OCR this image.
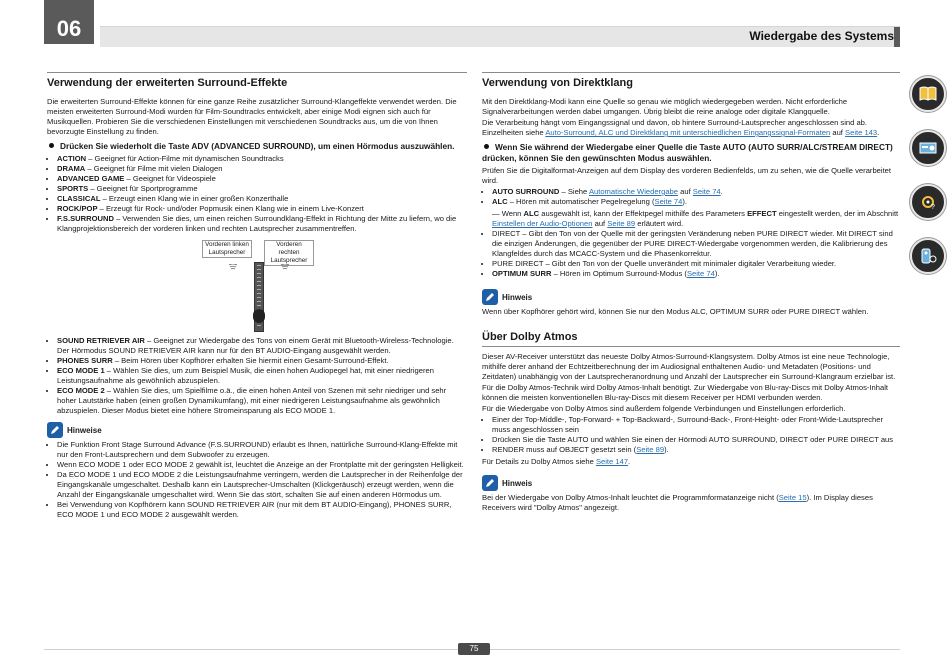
06	Wiedergabe des Systems
Verwendung der erweiterten Surround-Effekte

Die erweiterten Surround-Effekte können für eine ganze Reihe zusätzlicher Surround-Klangeffekte verwendet werden. Die meisten erweiterten Surround-Modi wurden für Film-Soundtracks entwickelt, aber einige Modi eignen sich auch für Musikquellen. Probieren Sie die verschiedenen Einstellungen mit verschiedenen Soundtracks aus, um die von Ihnen bevorzugte Einstellung zu finden.

Drücken Sie wiederholt die Taste ADV (ADVANCED SURROUND), um einen Hörmodus auszuwählen.
• ACTION – Geeignet für Action-Filme mit dynamischen Soundtracks
• DRAMA – Geeignet für Filme mit vielen Dialogen
• ADVANCED GAME – Geeignet für Videospiele
• SPORTS – Geeignet für Sportprogramme
• CLASSICAL – Erzeugt einen Klang wie in einer großen Konzerthalle
• ROCK/POP – Erzeugt für Rock- und/oder Popmusik einen Klang wie in einem Live-Konzert
• F.S.SURROUND – Verwenden Sie dies, um einen reichen Surroundklang-Effekt in Richtung der Mitte zu liefern, wo die Klangprojektionsbereich der vorderen linken und rechten Lautsprecher zusammentreffen.
Vorderen linken Lautsprecher
Vorderen rechten Lautsprecher
• SOUND RETRIEVER AIR – Geeignet zur Wiedergabe des Tons von einem Gerät mit Bluetooth-Wireless-Technologie. Der Hörmodus SOUND RETRIEVER AIR kann nur für den BT AUDIO-Eingang ausgewählt werden.
• PHONES SURR – Beim Hören über Kopfhörer erhalten Sie hiermit einen Gesamt-Surround-Effekt.
• ECO MODE 1 – Wählen Sie dies, um zum Beispiel Musik, die einen hohen Audiopegel hat, mit einer niedrigeren Leistungsaufnahme als gewöhnlich abzuspielen.
• ECO MODE 2 – Wählen Sie dies, um Spielfilme o.ä., die einen hohen Anteil von Szenen mit sehr niedriger und sehr hoher Lautstärke haben (einen großen Dynamikumfang), mit einer niedrigeren Leistungsaufnahme als gewöhnlich abzuspielen. Dieser Modus bietet eine höhere Stromeinsparung als ECO MODE 1.
Hinweise
• Die Funktion Front Stage Surround Advance (F.S.SURROUND) erlaubt es Ihnen, natürliche Surround-Klang-Effekte mit nur den Front-Lautsprechern und dem Subwoofer zu erzeugen.
• Wenn ECO MODE 1 oder ECO MODE 2 gewählt ist, leuchtet die Anzeige an der Frontplatte mit der geringsten Helligkeit.
• Da ECO MODE 1 und ECO MODE 2 die Leistungsaufnahme verringern, werden die Lautsprecher in der Reihenfolge der Eingangskanäle umgeschaltet. Deshalb kann ein Lautsprecher-Umschalten (Klickgeräusch) erzeugt werden, wenn die Anzahl der Eingangskanäle umgeschaltet wird. Wenn Sie das stört, schalten Sie auf einen anderen Hörmodus um.
• Bei Verwendung von Kopfhörern kann SOUND RETRIEVER AIR (nur mit dem BT AUDIO-Eingang), PHONES SURR, ECO MODE 1 und ECO MODE 2 ausgewählt werden.
Verwendung von Direktklang

Mit den Direktklang-Modi kann eine Quelle so genau wie möglich wiedergegeben werden. Nicht erforderliche Signalverarbeitungen werden dabei umgangen. Übrig bleibt die reine analoge oder digitale Klangquelle.

Die Verarbeitung hängt vom Eingangssignal und davon, ob hintere Surround-Lautsprecher angeschlossen sind ab. Einzelheiten siehe Auto-Surround, ALC und Direktklang mit unterschiedlichen Eingangssignal-Formaten auf Seite 143.

Wenn Sie während der Wiedergabe einer Quelle die Taste AUTO (AUTO SURR/ALC/STREAM DIRECT) drücken, können Sie den gewünschten Modus auswählen.

Prüfen Sie die Digitalformat-Anzeigen auf dem Display des vorderen Bedienfelds, um zu sehen, wie die Quelle verarbeitet wird.

• AUTO SURROUND – Siehe Automatische Wiedergabe auf Seite 74.
• ALC – Hören mit automatischer Pegelregelung (Seite 74).
— Wenn ALC ausgewählt ist, kann der Effektpegel mithilfe des Parameters EFFECT eingestellt werden, der im Abschnitt Einstellen der Audio-Optionen auf Seite 89 erläutert wird.
• DIRECT – Gibt den Ton von der Quelle mit der geringsten Veränderung neben PURE DIRECT wieder. Mit DIRECT sind die einzigen Änderungen, die gegenüber der PURE DIRECT-Wiedergabe vorgenommen werden, die Kalibrierung des Klangfeldes durch das MCACC-System und die Phasenkorrektur.
• PURE DIRECT – Gibt den Ton von der Quelle unverändert mit minimaler digitaler Verarbeitung wieder.
• OPTIMUM SURR – Hören im Optimum Surround-Modus (Seite 74).
Hinweis

Wenn über Kopfhörer gehört wird, können Sie nur den Modus ALC, OPTIMUM SURR oder PURE DIRECT wählen.

Über Dolby Atmos

Dieser AV-Receiver unterstützt das neueste Dolby Atmos-Surround-Klangsystem. Dolby Atmos ist eine neue Technologie, mithilfe derer anhand der Echtzeitberechnung der im Audiosignal enthaltenen Audio- und Metadaten (Positions- und Zeitdaten) unabhängig von der Lautsprecheranordnung und Anzahl der Lautsprecher ein Surround-Klangraum erzielbar ist.

Für die Dolby Atmos-Technik wird Dolby Atmos-Inhalt benötigt. Zur Wiedergabe von Blu-ray-Discs mit Dolby Atmos-Inhalt können die meisten konventionellen Blu-ray-Discs mit diesem Receiver per HDMI verbunden werden.

Für die Wiedergabe von Dolby Atmos sind außerdem folgende Verbindungen und Einstellungen erforderlich.

• Einer der Top-Middle-, Top-Forward- + Top-Backward-, Surround-Back-, Front-Height- oder Front-Wide-Lautsprecher muss angeschlossen sein
• Drücken Sie die Taste AUTO und wählen Sie einen der Hörmodi AUTO SURROUND, DIRECT oder PURE DIRECT aus
• RENDER muss auf OBJECT gesetzt sein (Seite 89).

Für Details zu Dolby Atmos siehe Seite 147.

Hinweis

Bei der Wiedergabe von Dolby Atmos-Inhalt leuchtet die Programmformatanzeige nicht (Seite 15). Im Display dieses Receivers wird "Dolby Atmos" angezeigt.

?
75
